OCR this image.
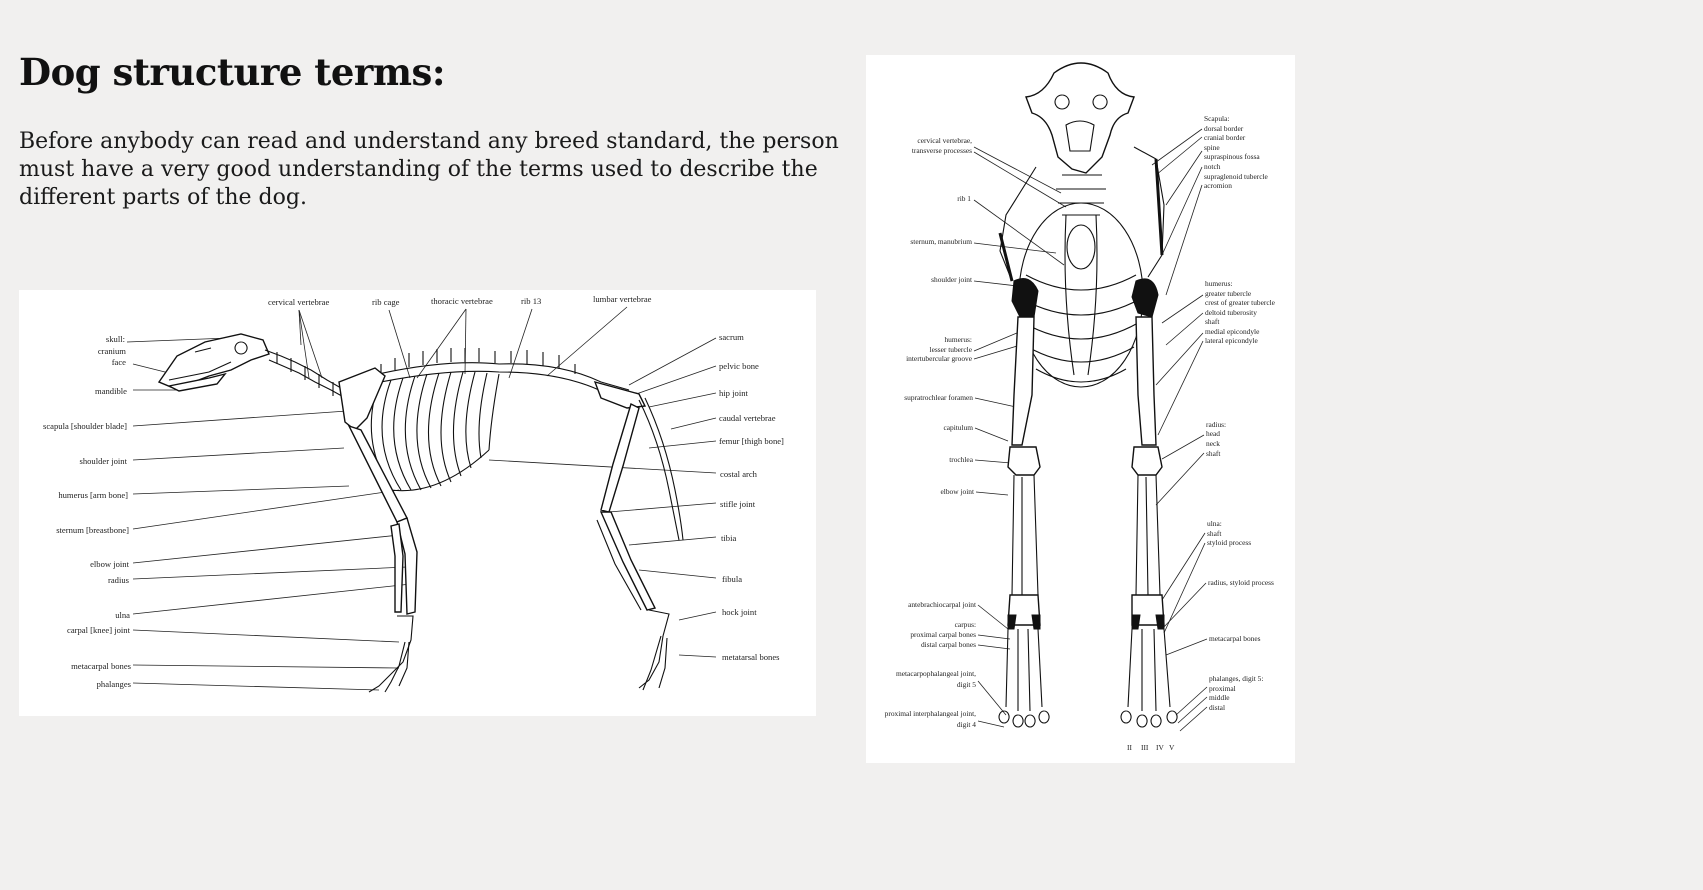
Dog structure terms:

Before anybody can read and understand any breed standard, the person must have a very good understanding of the terms used to describe the different parts of the dog.

cervical vertebrae	rib cage	thoracic vertebrae	rib 13	lumbar vertebrae
skull:
cranium
face
mandible
scapula [shoulder blade]
shoulder joint
humerus [arm bone]
sternum [breastbone]
elbow joint
radius
ulna
carpal [knee] joint
metacarpal bones
phalanges
sacrum
pelvic bone
hip joint
caudal vertebrae
femur [thigh bone]
costal arch
stifle joint
tibia
fibula
hock joint
metatarsal bones
cervical vertebrae,
transverse processes
rib 1
sternum, manubrium
shoulder joint
humerus:
lesser tubercle
intertubercular groove
supratrochlear foramen
capitulum
trochlea
elbow joint
antebrachiocarpal joint
carpus:
proximal carpal bones
distal carpal bones
metacarpophalangeal joint,
digit 5
proximal interphalangeal joint,
digit 4
Scapula:
dorsal border
cranial border
spine
supraspinous fossa
notch
supraglenoid tubercle
acromion
humerus:
greater tubercle
crest of greater tubercle
deltoid tuberosity
shaft
medial epicondyle
lateral epicondyle
radius:
head
neck
shaft
ulna:
shaft
styloid process
radius, styloid process
metacarpal bones
phalanges, digit 5:
proximal
middle
distal
II III IV V
